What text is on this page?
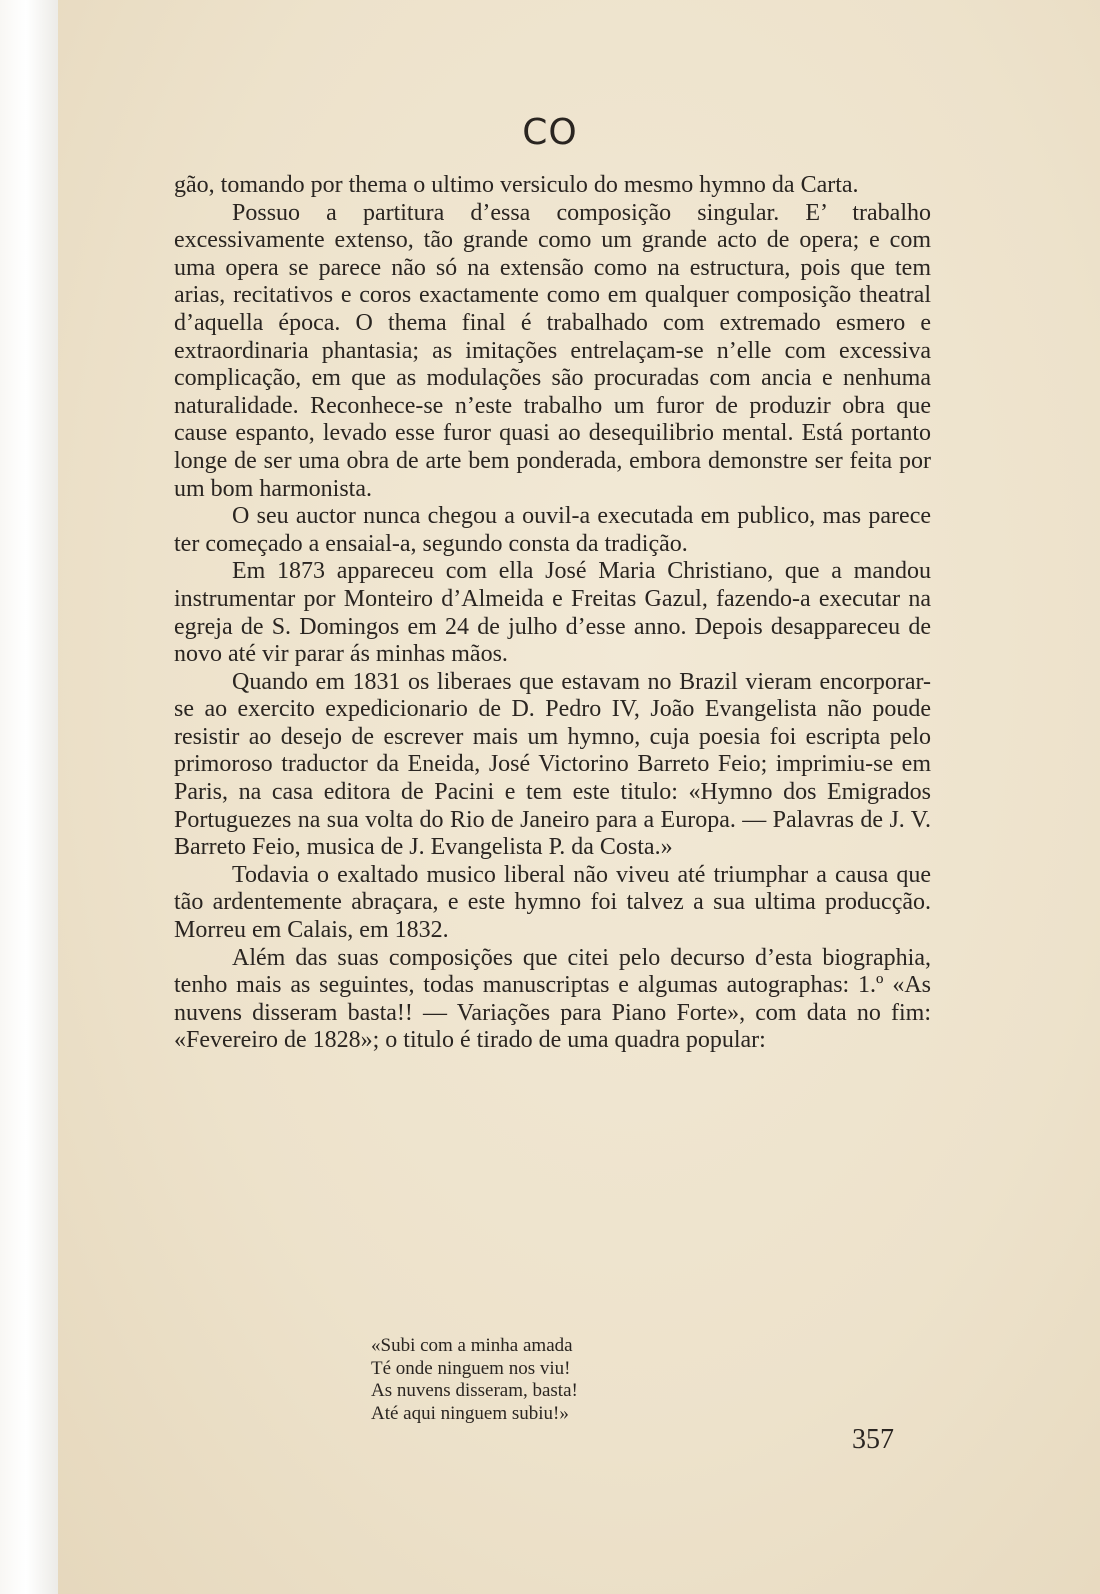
CO

gão, tomando por thema o ultimo versiculo do mesmo hymno da Carta.

Possuo a partitura d’essa composição singular. E’ trabalho excessivamente extenso, tão grande como um grande acto de opera; e com uma opera se parece não só na extensão como na estructura, pois que tem arias, recitativos e coros exactamente como em qualquer composição theatral d’aquella época. O thema final é trabalhado com extremado esmero e extraordinaria phantasia; as imitações entrelaçam-se n’elle com excessiva complicação, em que as modulações são procuradas com ancia e nenhuma naturalidade. Reconhece-se n’este trabalho um furor de produzir obra que cause espanto, levado esse furor quasi ao desequilibrio mental. Está portanto longe de ser uma obra de arte bem ponderada, embora demonstre ser feita por um bom harmonista.

O seu auctor nunca chegou a ouvil-a executada em publico, mas parece ter começado a ensaial-a, segundo consta da tradição.

Em 1873 appareceu com ella José Maria Christiano, que a mandou instrumentar por Monteiro d’Almeida e Freitas Gazul, fazendo-a executar na egreja de S. Domingos em 24 de julho d’esse anno. Depois desappareceu de novo até vir parar ás minhas mãos.

Quando em 1831 os liberaes que estavam no Brazil vieram encorporar-se ao exercito expedicionario de D. Pedro IV, João Evangelista não poude resistir ao desejo de escrever mais um hymno, cuja poesia foi escripta pelo primoroso traductor da Eneida, José Victorino Barreto Feio; imprimiu-se em Paris, na casa editora de Pacini e tem este titulo: «Hymno dos Emigrados Portuguezes na sua volta do Rio de Janeiro para a Europa. — Palavras de J. V. Barreto Feio, musica de J. Evangelista P. da Costa.»

Todavia o exaltado musico liberal não viveu até triumphar a causa que tão ardentemente abraçara, e este hymno foi talvez a sua ultima producção. Morreu em Calais, em 1832.

Além das suas composições que citei pelo decurso d’esta biographia, tenho mais as seguintes, todas manuscriptas e algumas autographas: 1.º «As nuvens disseram basta!! — Variações para Piano Forte», com data no fim: «Fevereiro de 1828»; o titulo é tirado de uma quadra popular:

«Subi com a minha amada
Té onde ninguem nos viu!
As nuvens disseram, basta!
Até aqui ninguem subiu!»
357
